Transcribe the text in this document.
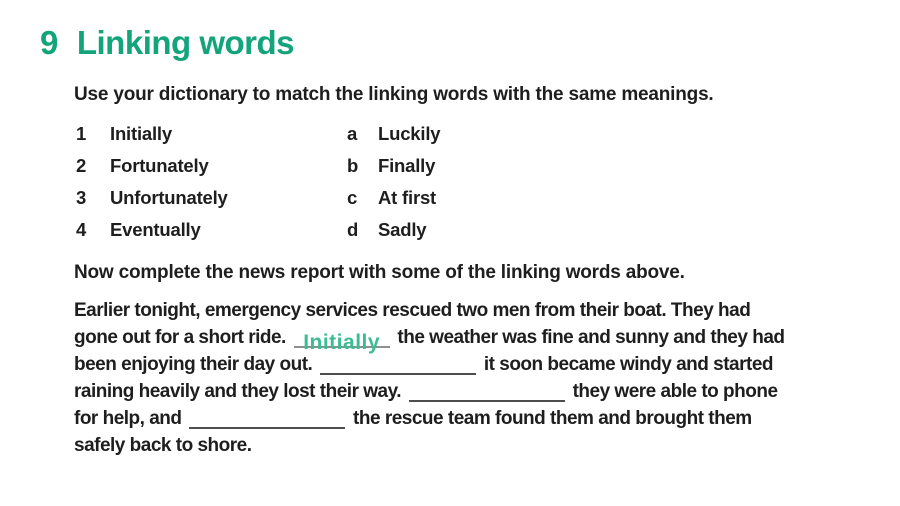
9 Linking words

Use your dictionary to match the linking words with the same meanings.

1	Initially	a	Luckily
2	Fortunately	b	Finally
3	Unfortunately	c	At first
4	Eventually	d	Sadly

Now complete the news report with some of the linking words above.

Earlier tonight, emergency services rescued two men from their boat. They had
gone out for a short ride. Initially the weather was fine and sunny and they had
been enjoying their day out.	it soon became windy and started
raining heavily and they lost their way.	they were able to phone
for help, and	the rescue team found them and brought them
safely back to shore.
